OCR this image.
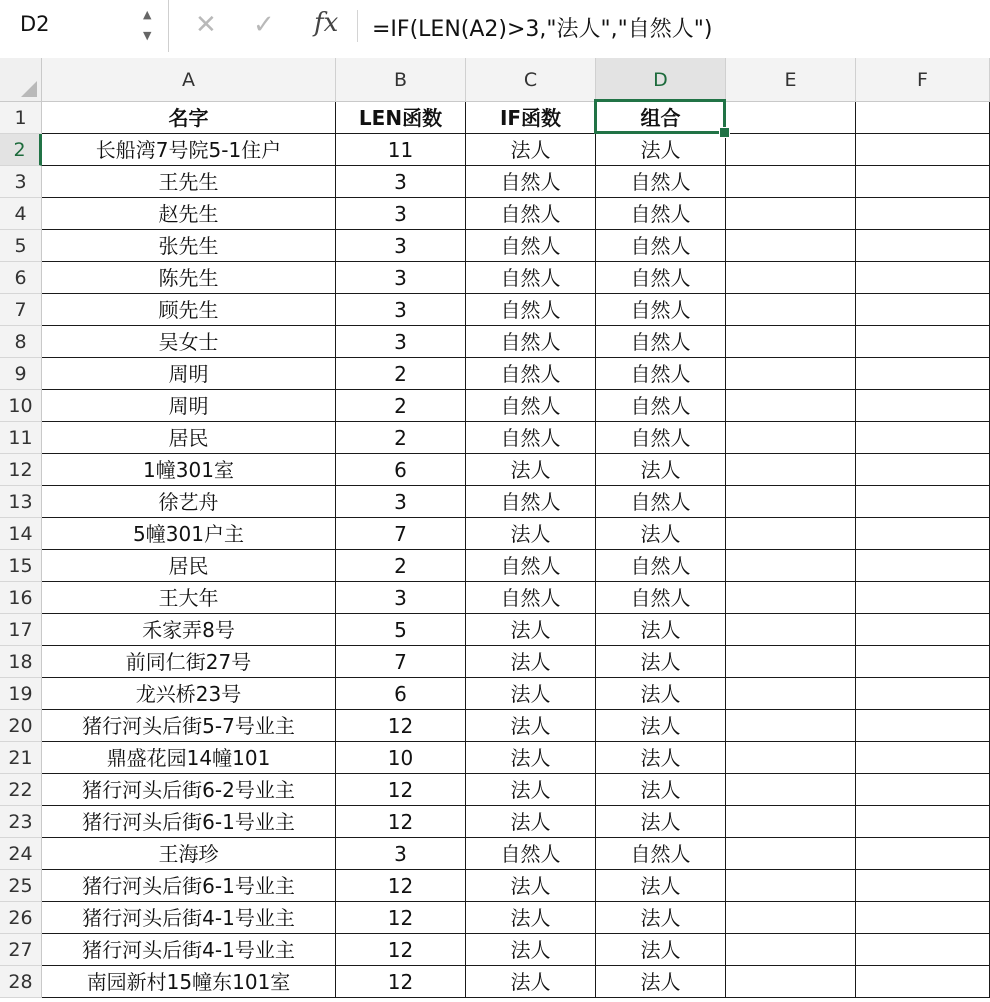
D2	▲
▼ ✕ ✓ fx =IF(LEN(A2)>3,"法人","自然人")
A	B	C	D	E	F
1	名字	LEN函数	IF函数	组合
2	长船湾7号院5-1住户	11	法人	法人
3	王先生	3	自然人	自然人
4	赵先生	3	自然人	自然人
5	张先生	3	自然人	自然人
6	陈先生	3	自然人	自然人
7	顾先生	3	自然人	自然人
8	吴女士	3	自然人	自然人
9	周明	2	自然人	自然人
10	周明	2	自然人	自然人
11	居民	2	自然人	自然人
12	1幢301室	6	法人	法人
13	徐艺舟	3	自然人	自然人
14	5幢301户主	7	法人	法人
15	居民	2	自然人	自然人
16	王大年	3	自然人	自然人
17	禾家弄8号	5	法人	法人
18	前同仁街27号	7	法人	法人
19	龙兴桥23号	6	法人	法人
20	猪行河头后街5-7号业主	12	法人	法人
21	鼎盛花园14幢101	10	法人	法人
22	猪行河头后街6-2号业主	12	法人	法人
23	猪行河头后街6-1号业主	12	法人	法人
24	王海珍	3	自然人	自然人
25	猪行河头后街6-1号业主	12	法人	法人
26	猪行河头后街4-1号业主	12	法人	法人
27	猪行河头后街4-1号业主	12	法人	法人
28	南园新村15幢东101室	12	法人	法人
